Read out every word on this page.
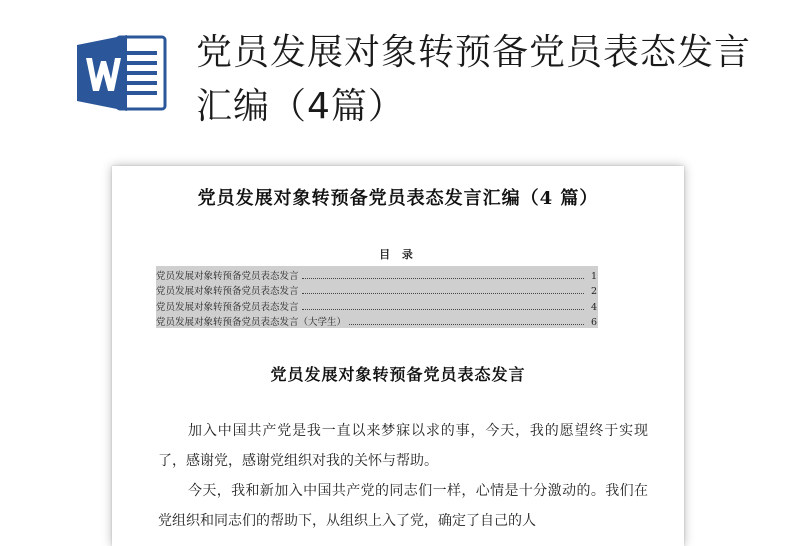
党员发展对象转预备党员表态发言汇编（4篇）
党员发展对象转预备党员表态发言汇编（4 篇）
目 录
党员发展对象转预备党员表态发言	1
党员发展对象转预备党员表态发言	2
党员发展对象转预备党员表态发言	4
党员发展对象转预备党员表态发言（大学生）	6
党员发展对象转预备党员表态发言

加入中国共产党是我一直以来梦寐以求的事，今天，我的愿望终于实现了，感谢党，感谢党组织对我的关怀与帮助。

今天，我和新加入中国共产党的同志们一样，心情是十分激动的。我们在党组织和同志们的帮助下，从组织上入了党，确定了自己的人
